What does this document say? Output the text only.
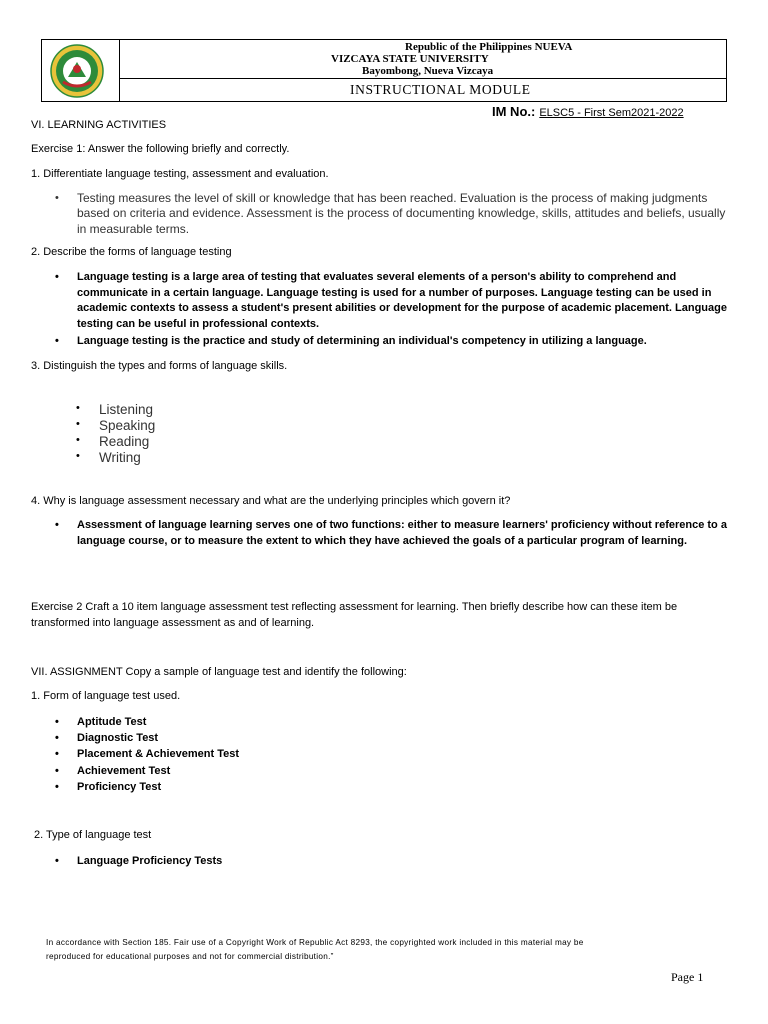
Republic of the Philippines NUEVA
VIZCAYA STATE UNIVERSITY
Bayombong, Nueva Vizcaya
INSTRUCTIONAL MODULE
IM No.: ELSC5 - First Sem2021-2022
VI. LEARNING ACTIVITIES
Exercise 1: Answer the following briefly and correctly.
1. Differentiate language testing, assessment and evaluation.
• Testing measures the level of skill or knowledge that has been reached. Evaluation is the process of making judgments based on criteria and evidence. Assessment is the process of documenting knowledge, skills, attitudes and beliefs, usually in measurable terms.
2. Describe the forms of language testing
• Language testing is a large area of testing that evaluates several elements of a person's ability to comprehend and communicate in a certain language. Language testing is used for a number of purposes. Language testing can be used in academic contexts to assess a student's present abilities or development for the purpose of academic placement. Language testing can be useful in professional contexts.
• Language testing is the practice and study of determining an individual's competency in utilizing a language.
3. Distinguish the types and forms of language skills.
• Listening
• Speaking
• Reading
• Writing
4. Why is language assessment necessary and what are the underlying principles which govern it?
• Assessment of language learning serves one of two functions: either to measure learners' proficiency without reference to a language course, or to measure the extent to which they have achieved the goals of a particular program of learning.
Exercise 2 Craft a 10 item language assessment test reflecting assessment for learning. Then briefly describe how can these item be transformed into language assessment as and of learning.
VII. ASSIGNMENT Copy a sample of language test and identify the following:
1. Form of language test used.
• Aptitude Test
• Diagnostic Test
• Placement & Achievement Test
• Achievement Test
• Proficiency Test
2. Type of language test
• Language Proficiency Tests
In accordance with Section 185. Fair use of a Copyright Work of Republic Act 8293, the copyrighted work included in this material may be
reproduced for educational purposes and not for commercial distribution.”
Page 1
